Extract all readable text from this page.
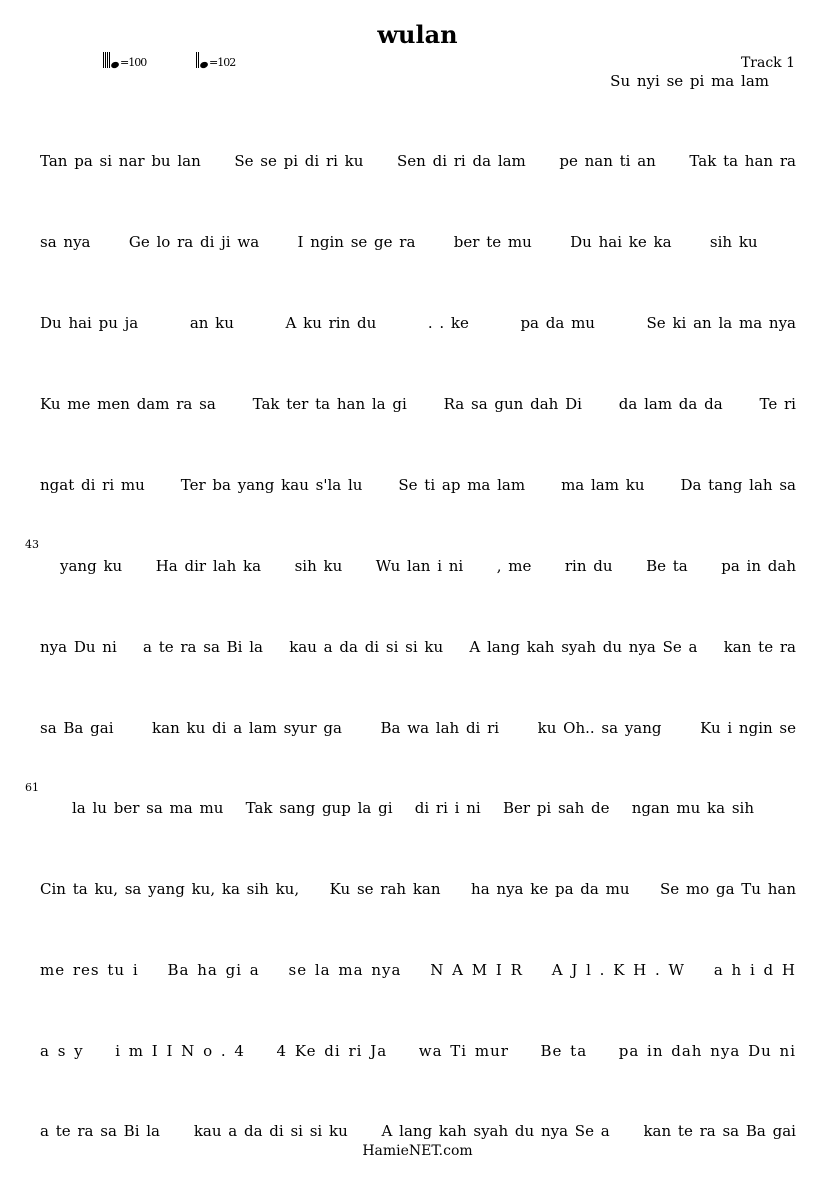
wulan
=100	=102	Track 1
Su nyi se pi ma lam
Tan pa si nar bu lan Se se pi di ri ku Sen di ri da lam pe nan ti an Tak ta han ra
sa nya	Ge lo ra di ji wa	I ngin se ge ra	ber te mu	Du hai ke ka	sih ku
Du hai pu ja	an ku	A ku rin du	. . ke	pa da mu	Se ki an la ma nya
Ku me men dam ra sa Tak ter ta han la gi Ra sa gun dah Di da lam da da Te ri
ngat di ri mu Ter ba yang kau s'la lu Se ti ap ma lam ma lam ku Da tang lah sa
yang ku Ha dir lah ka sih ku Wu lan i ni , me rin du Be ta pa in dah
nya Du ni a te ra sa Bi la kau a da di si si ku A lang kah syah du nya Se a kan te ra
sa Ba gai	kan ku di a lam syur ga	Ba wa lah di ri	ku Oh.. sa yang	Ku i ngin se
la lu ber sa ma mu Tak sang gup la gi di ri i ni Ber pi sah de ngan mu ka sih
Cin ta ku, sa yang ku, ka sih ku, Ku se rah kan ha nya ke pa da mu Se mo ga Tu han
me res tu i Ba ha gi a se la ma nya N A M I R A J l . K H . W a h i d H
a s y i m I I N o . 4 4 Ke di ri Ja wa Ti mur Be ta pa in dah nya Du ni
a te ra sa Bi la kau a da di si si ku A lang kah syah du nya Se a kan te ra sa Ba gai
43
61
HamieNET.com
